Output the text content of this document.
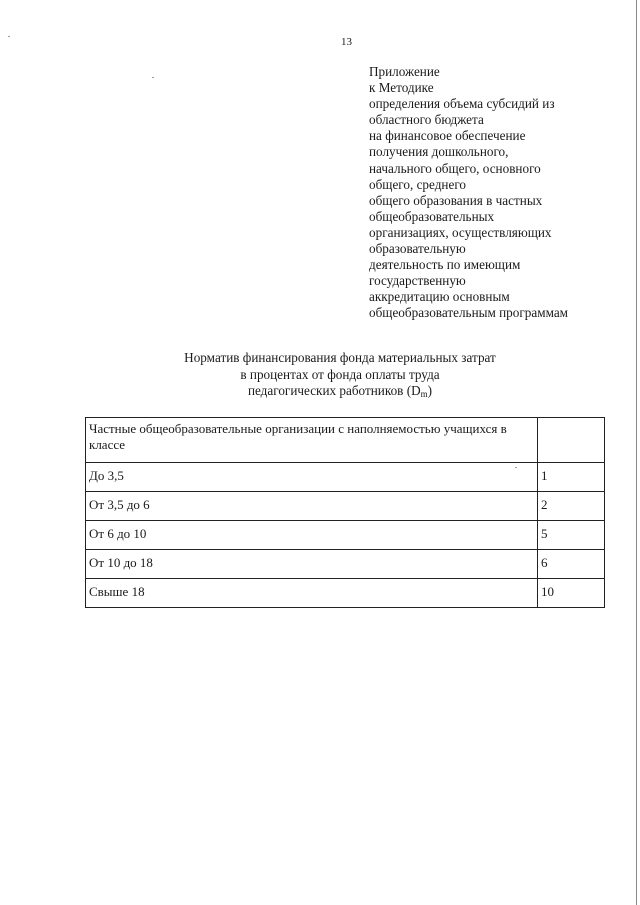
13
Приложение
к Методике
определения объема субсидий из
областного бюджета
на финансовое обеспечение
получения дошкольного,
начального общего, основного
общего, среднего
общего образования в частных
общеобразовательных
организациях, осуществляющих
образовательную
деятельность по имеющим
государственную
аккредитацию основным
общеобразовательным программам
Норматив финансирования фонда материальных затрат
в процентах от фонда оплаты труда
педагогических работников $(D_m)$
Частные общеобразовательные организации с наполняемостью учащихся в классе	
До 3,5	1
От 3,5 до 6	2
От 6 до 10	5
От 10 до 18	6
Свыше 18	10
